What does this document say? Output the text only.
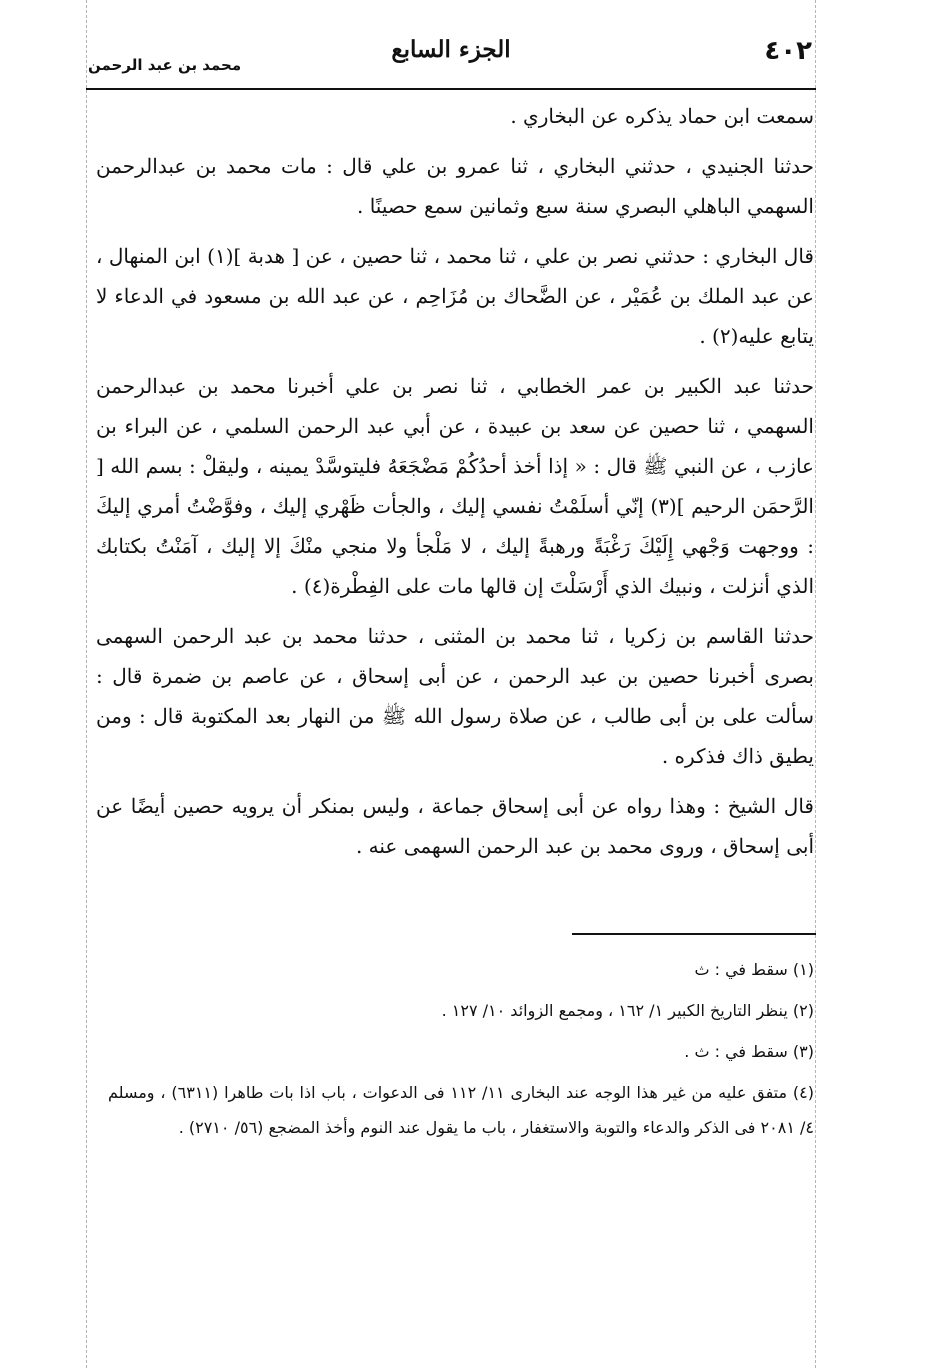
٤٠٢
الجزء السابع
محمد بن عبد الرحمن

سمعت ابن حماد يذكره عن البخاري .

حدثنا الجنيدي ، حدثني البخاري ، ثنا عمرو بن علي قال : مات محمد بن عبدالرحمن السهمي الباهلي البصري سنة سبع وثمانين سمع حصينًا .

قال البخاري : حدثني نصر بن علي ، ثنا محمد ، ثنا حصين ، عن [ هدبة ](١) ابن المنهال ، عن عبد الملك بن عُمَيْر ، عن الضَّحاك بن مُزَاحِم ، عن عبد الله بن مسعود في الدعاء لا يتابع عليه(٢) .

حدثنا عبد الكبير بن عمر الخطابي ، ثنا نصر بن علي أخبرنا محمد بن عبدالرحمن السهمي ، ثنا حصين عن سعد بن عبيدة ، عن أبي عبد الرحمن السلمي ، عن البراء بن عازب ، عن النبي ﷺ قال : « إذا أخذ أحدُكُمْ مَضْجَعَهُ فليتوسَّدْ يمينه ، وليقلْ : بسم الله [ الرَّحمَن الرحيم ](٣) إنّي أسلَمْتُ نفسي إليك ، والجأت ظَهْري إليك ، وفوَّضْتُ أمري إليكَ : ووجهت وَجْهي إِلَيْكَ رَغْبَةً ورهبةً إليك ، لا مَلْجأ ولا منجي منْكَ إلا إليك ، آمَنْتُ بكتابك الذي أنزلت ، ونبيك الذي أَرْسَلْتَ إن قالها مات على الفِطْرة(٤) .

حدثنا القاسم بن زكريا ، ثنا محمد بن المثنى ، حدثنا محمد بن عبد الرحمن السهمى بصرى أخبرنا حصين بن عبد الرحمن ، عن أبى إسحاق ، عن عاصم بن ضمرة قال : سألت على بن أبى طالب ، عن صلاة رسول الله ﷺ من النهار بعد المكتوبة قال : ومن يطيق ذاك فذكره .

قال الشيخ : وهذا رواه عن أبى إسحاق جماعة ، وليس بمنكر أن يرويه حصين أيضًا عن أبى إسحاق ، وروى محمد بن عبد الرحمن السهمى عنه .

(١) سقط في : ث

(٢) ينظر التاريخ الكبير ١/ ١٦٢ ، ومجمع الزوائد ١٠/ ١٢٧ .

(٣) سقط في : ث .

(٤) متفق عليه من غير هذا الوجه عند البخارى ١١/ ١١٢ فى الدعوات ، باب اذا بات طاهرا (٦٣١١) ، ومسلم ٤/ ٢٠٨١ فى الذكر والدعاء والتوبة والاستغفار ، باب ما يقول عند النوم وأخذ المضجع (٥٦/ ٢٧١٠) .
